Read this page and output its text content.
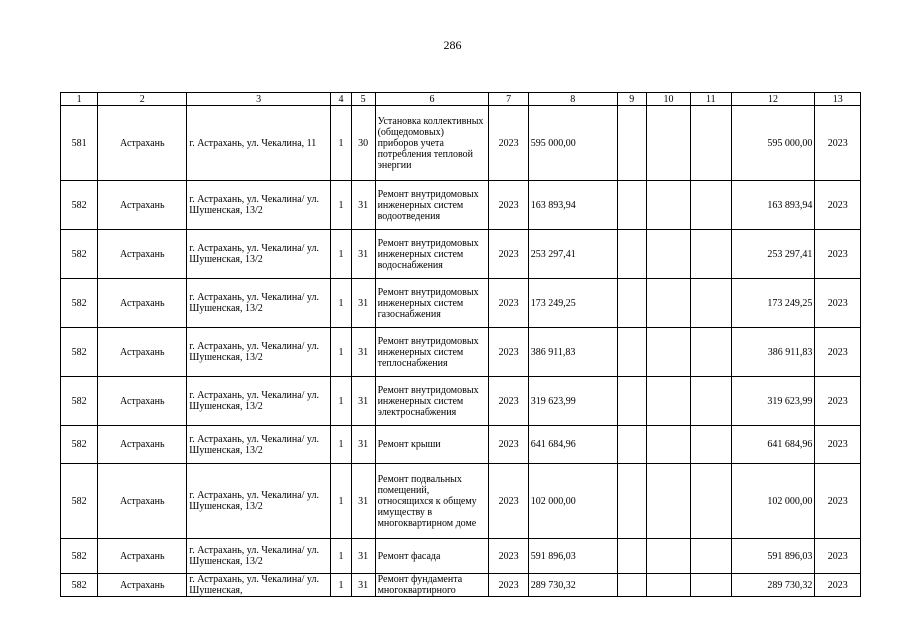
286
1	2	3	4	5	6	7	8	9	10	11	12	13
581	Астрахань	г. Астрахань, ул. Чекалина, 11	1	30	Установка коллективных (общедомовых) приборов учета потребления тепловой энергии	2023	595 000,00				595 000,00	2023
582	Астрахань	г. Астрахань, ул. Чекалина/ ул. Шушенская, 13/2	1	31	Ремонт внутридомовых инженерных систем водоотведения	2023	163 893,94				163 893,94	2023
582	Астрахань	г. Астрахань, ул. Чекалина/ ул. Шушенская, 13/2	1	31	Ремонт внутридомовых инженерных систем водоснабжения	2023	253 297,41				253 297,41	2023
582	Астрахань	г. Астрахань, ул. Чекалина/ ул. Шушенская, 13/2	1	31	Ремонт внутридомовых инженерных систем газоснабжения	2023	173 249,25				173 249,25	2023
582	Астрахань	г. Астрахань, ул. Чекалина/ ул. Шушенская, 13/2	1	31	Ремонт внутридомовых инженерных систем теплоснабжения	2023	386 911,83				386 911,83	2023
582	Астрахань	г. Астрахань, ул. Чекалина/ ул. Шушенская, 13/2	1	31	Ремонт внутридомовых инженерных систем электроснабжения	2023	319 623,99				319 623,99	2023
582	Астрахань	г. Астрахань, ул. Чекалина/ ул. Шушенская, 13/2	1	31	Ремонт крыши	2023	641 684,96				641 684,96	2023
582	Астрахань	г. Астрахань, ул. Чекалина/ ул. Шушенская, 13/2	1	31	Ремонт подвальных помещений, относящихся к общему имуществу в многоквартирном доме	2023	102 000,00				102 000,00	2023
582	Астрахань	г. Астрахань, ул. Чекалина/ ул. Шушенская, 13/2	1	31	Ремонт фасада	2023	591 896,03				591 896,03	2023
582	Астрахань	г. Астрахань, ул. Чекалина/ ул. Шушенская,	1	31	Ремонт фундамента многоквартирного	2023	289 730,32				289 730,32	2023
